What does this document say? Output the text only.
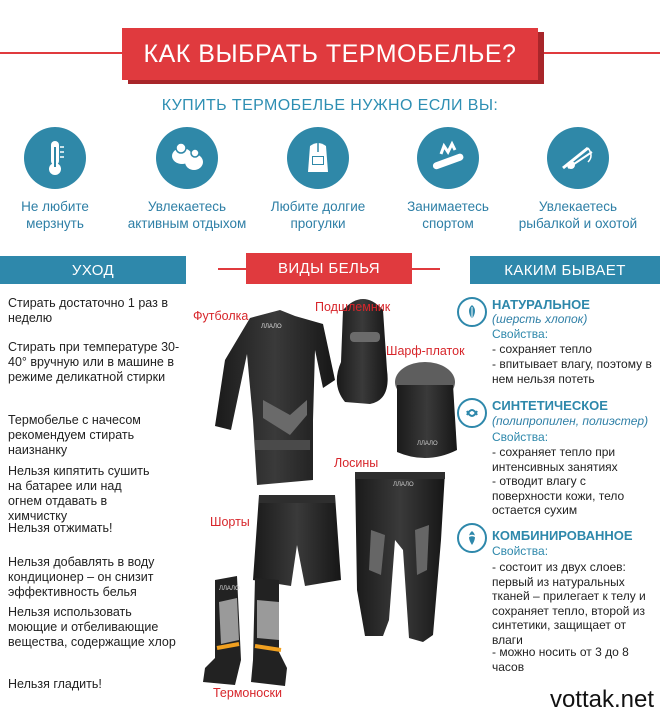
КАК ВЫБРАТЬ ТЕРМОБЕЛЬЕ?
КУПИТЬ ТЕРМОБЕЛЬЕ НУЖНО ЕСЛИ ВЫ:
Не любите
мерзнуть
Увлекаетесь
активным отдыхом
Любите долгие
прогулки
Занимаетесь
спортом
Увлекаетесь
рыбалкой и охотой
УХОД	КАКИМ БЫВАЕТ
ВИДЫ БЕЛЬЯ
Стирать достаточно 1 раз в неделю
Стирать при температуре 30-40° вручную или в машине в режиме деликатной стирки
Термобелье с начесом рекомендуем стирать наизнанку
Нельзя кипятить сушить на батарее или над огнем отдавать в химчистку
Нельзя отжимать!
Нельзя добавлять в воду кондиционер – он снизит эффективность белья
Нельзя использовать моющие и отбеливающие вещества, содержащие хлор
Нельзя гладить!
ЛЛАЛО
ЛЛАЛО
ЛЛАЛО
ЛЛАЛО
Футболка
Подшлемник
Шарф-платок
Лосины
Шорты
Термоноски
НАТУРАЛЬНОЕ
(шерсть хлопок)
Свойства:
- сохраняет тепло
- впитывает влагу, поэтому в нем нельзя потеть
СИНТЕТИЧЕСКОЕ
(полипропилен, полиэстер)
Свойства:
- сохраняет тепло при интенсивных занятиях
- отводит влагу с поверхности кожи, тело остается сухим
КОМБИНИРОВАННОЕ
Свойства:
- состоит из двух слоев: первый из натуральных тканей – прилегает к телу и сохраняет тепло, второй из синтетики, защищает от влаги
- можно носить от 3 до 8 часов
vottak.net
